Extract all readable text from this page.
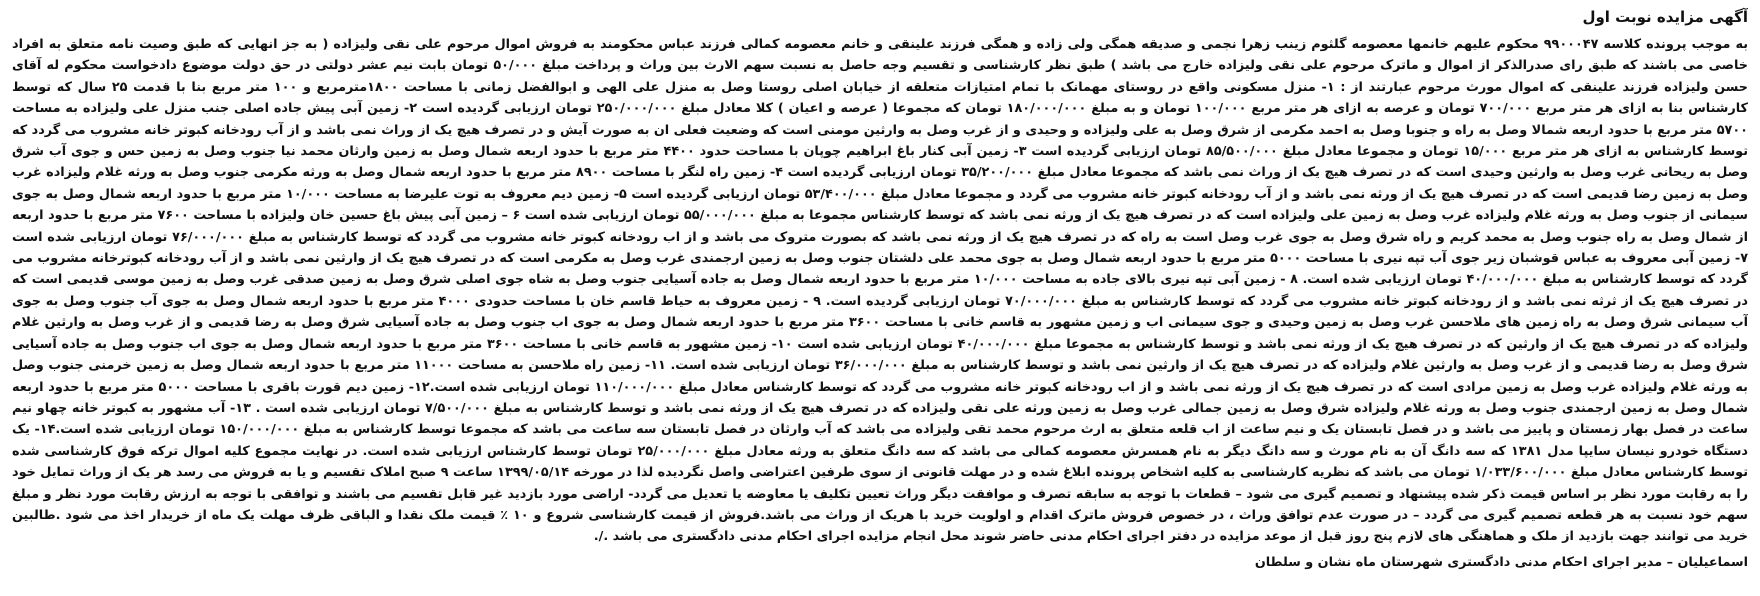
آگهی مزایده نوبت اول

به موجب پرونده کلاسه ۹۹۰۰۰۴۷ محکوم علیهم خانمها معصومه گلثوم زینب زهرا نجمی و صدیقه همگی ولی زاده و همگی فرزند علینقی و خانم معصومه کمالی فرزند عباس محکومند به فروش اموال مرحوم علی نقی ولیزاده ( به جز انهایی که طبق وصیت نامه متعلق به افراد خاصی می باشند که طبق رای صدرالذکر از اموال و ماترک مرحوم علی نقی ولیزاده خارج می باشد ) طبق نظر کارشناسی و تقسیم وجه حاصل به نسبت سهم الارث بین وراث و پرداخت مبلغ ۵۰/۰۰۰ تومان بابت نیم عشر دولتی در حق دولت موضوع دادخواست محکوم له آقای حسن ولیزاده فرزند علینقی که اموال مورث مرحوم عبارتند از : ۱- منزل مسکونی واقع در روستای مهمانک با تمام امتیازات متعلقه از خیابان اصلی روستا وصل به منزل علی الهی و ابوالفضل زمانی با مساحت ۱۸۰۰مترمربع و ۱۰۰ متر مربع بنا با قدمت ۲۵ سال که توسط کارشناس بنا به ازای هر متر مربع ۷۰۰/۰۰۰ تومان و عرصه به ازای هر متر مربع ۱۰۰/۰۰۰ تومان و به مبلغ ۱۸۰/۰۰۰/۰۰۰ تومان که مجموعا ( عرصه و اعیان ) کلا معادل مبلغ ۲۵۰/۰۰۰/۰۰۰ تومان ارزیابی گردیده است ۲- زمین آبی پیش جاده اصلی جنب منزل علی ولیزاده به مساحت ۵۷۰۰ متر مربع با حدود اربعه شمالا وصل به راه و جنوبا وصل به احمد مکرمی از شرق وصل به علی ولیزاده و وحیدی و از غرب وصل به وارثین مومنی است که وضعیت فعلی ان به صورت آیش و در تصرف هیچ یک از وراث نمی باشد و از آب رودخانه کبوتر خانه مشروب می گردد که توسط کارشناس به ازای هر متر مربع ۱۵/۰۰۰ تومان و مجموعا معادل مبلغ ۸۵/۵۰۰/۰۰۰ تومان ارزیابی گردیده است ۳- زمین آبی کنار باغ ابراهیم چوپان با مساحت حدود ۴۴۰۰ متر مربع با حدود اربعه شمال وصل به زمین وارثان محمد نیا جنوب وصل به زمین حس و جوی آب شرق وصل به ریحانی غرب وصل به وارثین وحیدی است که در تصرف هیچ یک از وراث نمی باشد که مجموعا معادل مبلغ ۳۵/۲۰۰/۰۰۰ تومان ارزیابی گردیده است ۴- زمین راه لنگر با مساحت ۸۹۰۰ متر مربع با حدود اربعه شمال وصل به ورثه مکرمی جنوب وصل به ورثه غلام ولیزاده غرب وصل به زمین رضا قدیمی است که در تصرف هیچ یک از ورثه نمی باشد و از آب رودخانه کبوتر خانه مشروب می گردد و مجموعا معادل مبلغ ۵۳/۴۰۰/۰۰۰ تومان ارزیابی گردیده است ۵- زمین دیم معروف به توت علیرضا به مساحت ۱۰/۰۰۰ متر مربع با حدود اربعه شمال وصل به جوی سیمانی از جنوب وصل به ورثه غلام ولیزاده غرب وصل به زمین علی ولیزاده است که در تصرف هیچ یک از ورثه نمی باشد که توسط کارشناس مجموعا به مبلغ ۵۵/۰۰۰/۰۰۰ تومان ارزیابی شده است ۶ – زمین آبی پیش باغ حسین خان ولیزاده با مساحت ۷۶۰۰ متر مربع با حدود اربعه از شمال وصل به راه جنوب وصل به محمد کریم و راه شرق وصل به جوی غرب وصل است به راه که در تصرف هیچ یک از ورثه نمی باشد که بصورت متروک می باشد و از اب رودخانه کبوتر خانه مشروب می گردد که توسط کارشناس به مبلغ ۷۶/۰۰۰/۰۰۰ تومان ارزیابی شده است ۷- زمین آبی معروف به عباس قوشبان زیر جوی آب تپه نیری با مساحت ۵۰۰۰ متر مربع با حدود اربعه شمال وصل به جوی محمد علی دلشتان جنوب وصل به زمین ارجمندی غرب وصل به مکرمی است که در تصرف هیچ یک از وارثین نمی باشد و از آب رودخانه کبوترخانه مشروب می گردد که توسط کارشناس به مبلغ ۴۰/۰۰۰/۰۰۰ تومان ارزیابی شده است. ۸ - زمین آبی تپه نیری بالای جاده به مساحت ۱۰/۰۰۰ متر مربع با حدود اربعه شمال وصل به جاده آسیایی جنوب وصل به شاه جوی اصلی شرق وصل به زمین صدقی غرب وصل به زمین موسی قدیمی است که در تصرف هیچ یک از ثرثه نمی باشد و از رودخانه کبوتر خانه مشروب می گردد که توسط کارشناس به مبلغ ۷۰/۰۰۰/۰۰۰ تومان ارزیابی گردیده است. ۹ - زمین معروف به حیاط قاسم خان با مساحت حدودی ۴۰۰۰ متر مربع با حدود اربعه شمال وصل به جوی آب جنوب وصل به جوی آب سیمانی شرق وصل به راه زمین های ملاحسن غرب وصل به زمین وحیدی و جوی سیمانی اب و زمین مشهور به قاسم خانی با مساحت ۳۶۰۰ متر مربع با حدود اربعه شمال وصل به جوی اب جنوب وصل به جاده آسیایی شرق وصل به رضا قدیمی و از غرب وصل به وارثین غلام ولیزاده که در تصرف هیچ یک از وارثین که در تصرف هیچ یک از ورثه نمی باشد و توسط کارشناس به مجموعا مبلغ ۴۰/۰۰۰/۰۰۰ تومان ارزیابی شده است ۱۰- زمین مشهور به قاسم خانی با مساحت ۳۶۰۰ متر مربع با حدود اربعه شمال وصل به جوی اب جنوب وصل به جاده آسیایی شرق وصل به رضا قدیمی و از غرب وصل به وارثین غلام ولیزاده که در تصرف هیچ یک از وارثین نمی باشد و توسط کارشناس به مبلغ ۳۶/۰۰۰/۰۰۰ تومان ارزیابی شده است. ۱۱- زمین راه ملاحسن به مساحت ۱۱۰۰۰ متر مربع با حدود اربعه شمال وصل به زمین خرمنی جنوب وصل به ورثه غلام ولیزاده غرب وصل به زمین مرادی است که در تصرف هیچ یک از ورثه نمی باشد و از اب رودخانه کبوتر خانه مشروب می گردد که توسط کارشناس معادل مبلغ ۱۱۰/۰۰۰/۰۰۰ تومان ارزیابی شده است.۱۲- زمین دیم قورت باقری با مساحت ۵۰۰۰ متر مربع با حدود اربعه شمال وصل به زمین ارجمندی جنوب وصل به ورثه غلام ولیزاده شرق وصل به زمین جمالی غرب وصل به زمین ورثه علی نقی ولیزاده که در تصرف هیچ یک از ورثه نمی باشد و توسط کارشناس به مبلغ ۷/۵۰۰/۰۰۰ تومان ارزیابی شده است . ۱۳- آب مشهور به کبوتر خانه چهاو نیم ساعت در فصل بهار زمستان و پاییز می باشد و در فصل تابستان یک و نیم ساعت از اب قلعه متعلق به ارث مرحوم محمد تقی ولیزاده می باشد که آب وارثان در فصل تابستان سه ساعت می باشد که مجموعا توسط کارشناس به مبلغ ۱۵۰/۰۰۰/۰۰۰ تومان ارزیابی شده است.۱۴- یک دستگاه خودرو نیسان سایپا مدل ۱۳۸۱ که سه دانگ آن به نام مورث و سه دانگ دیگر به نام همسرش معصومه کمالی می باشد که سه دانگ متعلق به ورثه معادل مبلغ ۲۵/۰۰۰/۰۰۰ تومان توسط کارشناس ارزیابی شده است. در نهایت مجموع کلیه اموال ترکه فوق کارشناسی شده توسط کارشناس معادل مبلغ ۱/۰۳۳/۶۰۰/۰۰۰ تومان می باشد که نظریه کارشناسی به کلیه اشخاص پرونده ابلاغ شده و در مهلت قانونی از سوی طرفین اعتراضی واصل نگردیده لذا در مورخه ۱۳۹۹/۰۵/۱۴ ساعت ۹ صبح املاک تقسیم و یا به فروش می رسد هر یک از وراث تمایل خود را به رقابت مورد نظر بر اساس قیمت ذکر شده پیشنهاد و تصمیم گیری می شود – قطعات با توجه به سابقه تصرف و موافقت دیگر وراث تعیین تکلیف یا معاوضه یا تعدیل می گردد- اراضی مورد بازدید غیر قابل تقسیم می باشند و توافقی با توجه به ارزش رقابت مورد نظر و مبلغ سهم خود نسبت به هر قطعه تصمیم گیری می گردد – در صورت عدم توافق وراث ، در خصوص فروش ماترک اقدام و اولویت خرید با هریک از وراث می باشد.فروش از قیمت کارشناسی شروع و ۱۰ ٪ قیمت ملک نقدا و الباقی ظرف مهلت یک ماه از خریدار اخذ می شود .طالبین خرید می توانند جهت بازدید از ملک و هماهنگی های لازم پنج روز قبل از موعد مزایده در دفتر اجرای احکام مدنی حاضر شوند محل انجام مزایده اجرای احکام مدنی دادگستری می باشد ./.

اسماعیلیان – مدیر اجرای احکام مدنی دادگستری شهرستان ماه نشان و سلطان
